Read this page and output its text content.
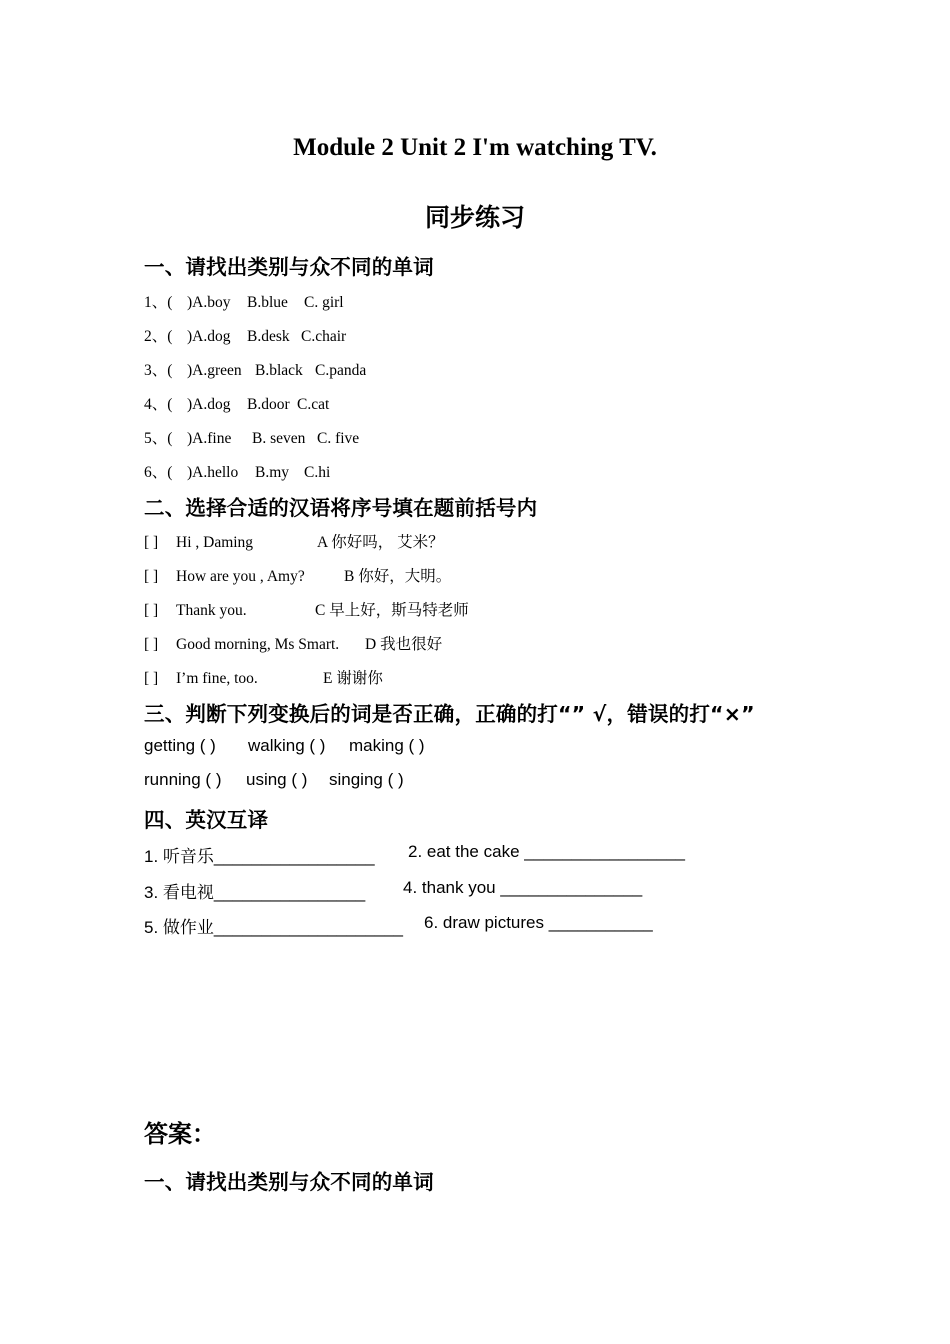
Module 2 Unit 2 I'm watching TV.
同步练习
一、请找出类别与众不同的单词
1、( )A.boy B.blue C. girl
2、( )A.dog B.desk C.chair
3、( )A.green B.black C.panda
4、( )A.dog B.door C.cat
5、( )A.fine B. seven C. five
6、( )A.hello B.my C.hi
二、选择合适的汉语将序号填在题前括号内
[ ] Hi , Daming	A 你好吗， 艾米？
[ ] How are you , Amy?	B 你好，大明。
[ ] Thank you.	C 早上好，斯马特老师
[ ] Good morning, Ms Smart. D 我也很好
[ ] I’m fine, too.	E 谢谢你
三、判断下列变换后的词是否正确，正确的打“” √，错误的打“×”
getting ( ) walking ( ) making ( )
running ( ) using ( ) singing ( )
四、英汉互译
1. 听音乐_________________ 2. eat the cake _________________
3. 看电视________________ 4. thank you _______________
5. 做作业____________________ 6. draw pictures ___________
答案：
一、请找出类别与众不同的单词
